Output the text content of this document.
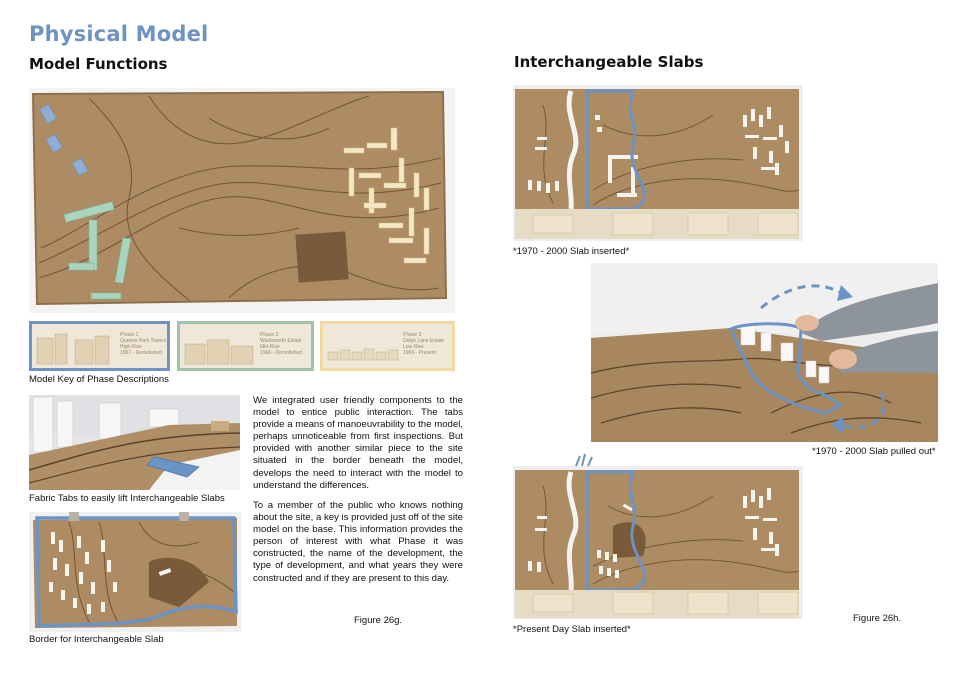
Physical Model
Model Functions	Interchangeable Slabs
Phase 1
Queens Park Towers
High-Rise
1967 - Demolished
Phase 2
Waldsworth Estate
Mid-Rise
1966 - Demolished
Phase 3
Delph Lane Estate
Low-Rise
1969 - Present
Model Key of Phase Descriptions
Fabric Tabs to easily lift Interchangeable Slabs
Border for Interchangeable Slab
We integrated user friendly components to the model to entice public interaction. The tabs provide a means of manoeuvrability to the model, perhaps unnoticeable from first inspections. But provided with another similar piece to the site situated in the border beneath the model, develops the need to interact with the model to understand the differences.
To a member of the public who knows nothing about the site, a key is provided just off of the site model on the base. This information provides the person of interest with what Phase it was constructed, the name of the development, the type of development, and what years they were constructed and if they are present to this day.
Figure 26g.
*1970 - 2000 Slab inserted*
*1970 - 2000 Slab pulled out*
*Present Day Slab inserted*
Figure 26h.
